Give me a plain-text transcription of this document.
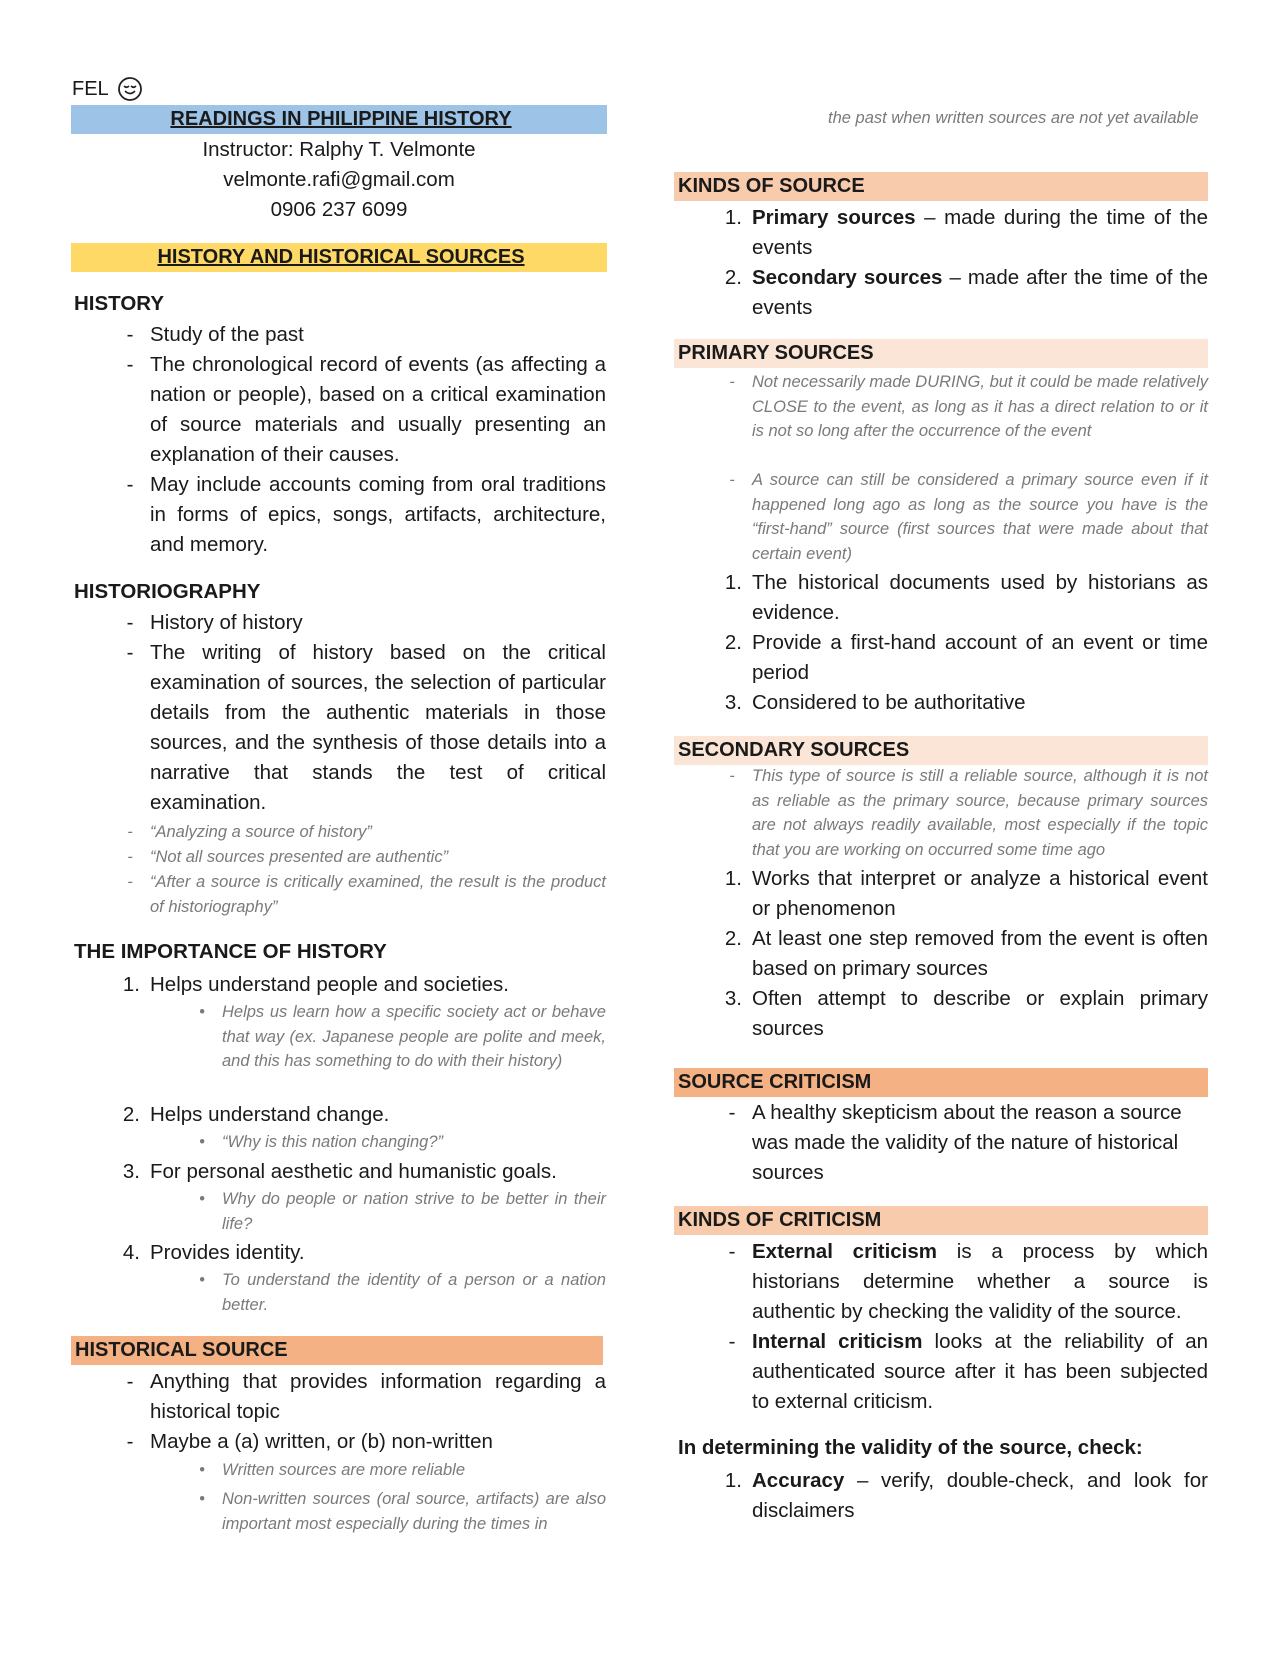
FEL
READINGS IN PHILIPPINE HISTORY
Instructor: Ralphy T. Velmonte
velmonte.rafi@gmail.com
0906 237 6099
HISTORY AND HISTORICAL SOURCES
HISTORY
- Study of the past
- The chronological record of events (as affecting a nation or people), based on a critical examination of source materials and usually presenting an explanation of their causes.
- May include accounts coming from oral traditions in forms of epics, songs, artifacts, architecture, and memory.
HISTORIOGRAPHY
- History of history
- The writing of history based on the critical examination of sources, the selection of particular details from the authentic materials in those sources, and the synthesis of those details into a narrative that stands the test of critical examination.
-	“Analyzing a source of history”
-	“Not all sources presented are authentic”
-	“After a source is critically examined, the result is the product of historiography”
THE IMPORTANCE OF HISTORY
1. Helps understand people and societies.
•	Helps us learn how a specific society act or behave that way (ex. Japanese people are polite and meek, and this has something to do with their history)
2. Helps understand change.
•	“Why is this nation changing?”
3. For personal aesthetic and humanistic goals.
•	Why do people or nation strive to be better in their life?
4. Provides identity.
•	To understand the identity of a person or a nation better.
HISTORICAL SOURCE
- Anything that provides information regarding a historical topic
- Maybe a (a) written, or (b) non-written
•	Written sources are more reliable
•	Non-written sources (oral source, artifacts) are also important most especially during the times in
the past when written sources are not yet available
KINDS OF SOURCE
1. Primary sources – made during the time of the events
2. Secondary sources – made after the time of the events
PRIMARY SOURCES
-	Not necessarily made DURING, but it could be made relatively CLOSE to the event, as long as it has a direct relation to or it is not so long after the occurrence of the event
-	A source can still be considered a primary source even if it happened long ago as long as the source you have is the “first-hand” source (first sources that were made about that certain event)
1. The historical documents used by historians as evidence.
2. Provide a first-hand account of an event or time period
3. Considered to be authoritative
SECONDARY SOURCES
-	This type of source is still a reliable source, although it is not as reliable as the primary source, because primary sources are not always readily available, most especially if the topic that you are working on occurred some time ago
1. Works that interpret or analyze a historical event or phenomenon
2. At least one step removed from the event is often based on primary sources
3. Often attempt to describe or explain primary sources
SOURCE CRITICISM
- A healthy skepticism about the reason a source was made the validity of the nature of historical sources
KINDS OF CRITICISM
- External criticism is a process by which historians determine whether a source is authentic by checking the validity of the source.
- Internal criticism looks at the reliability of an authenticated source after it has been subjected to external criticism.
In determining the validity of the source, check:
1. Accuracy – verify, double-check, and look for disclaimers
